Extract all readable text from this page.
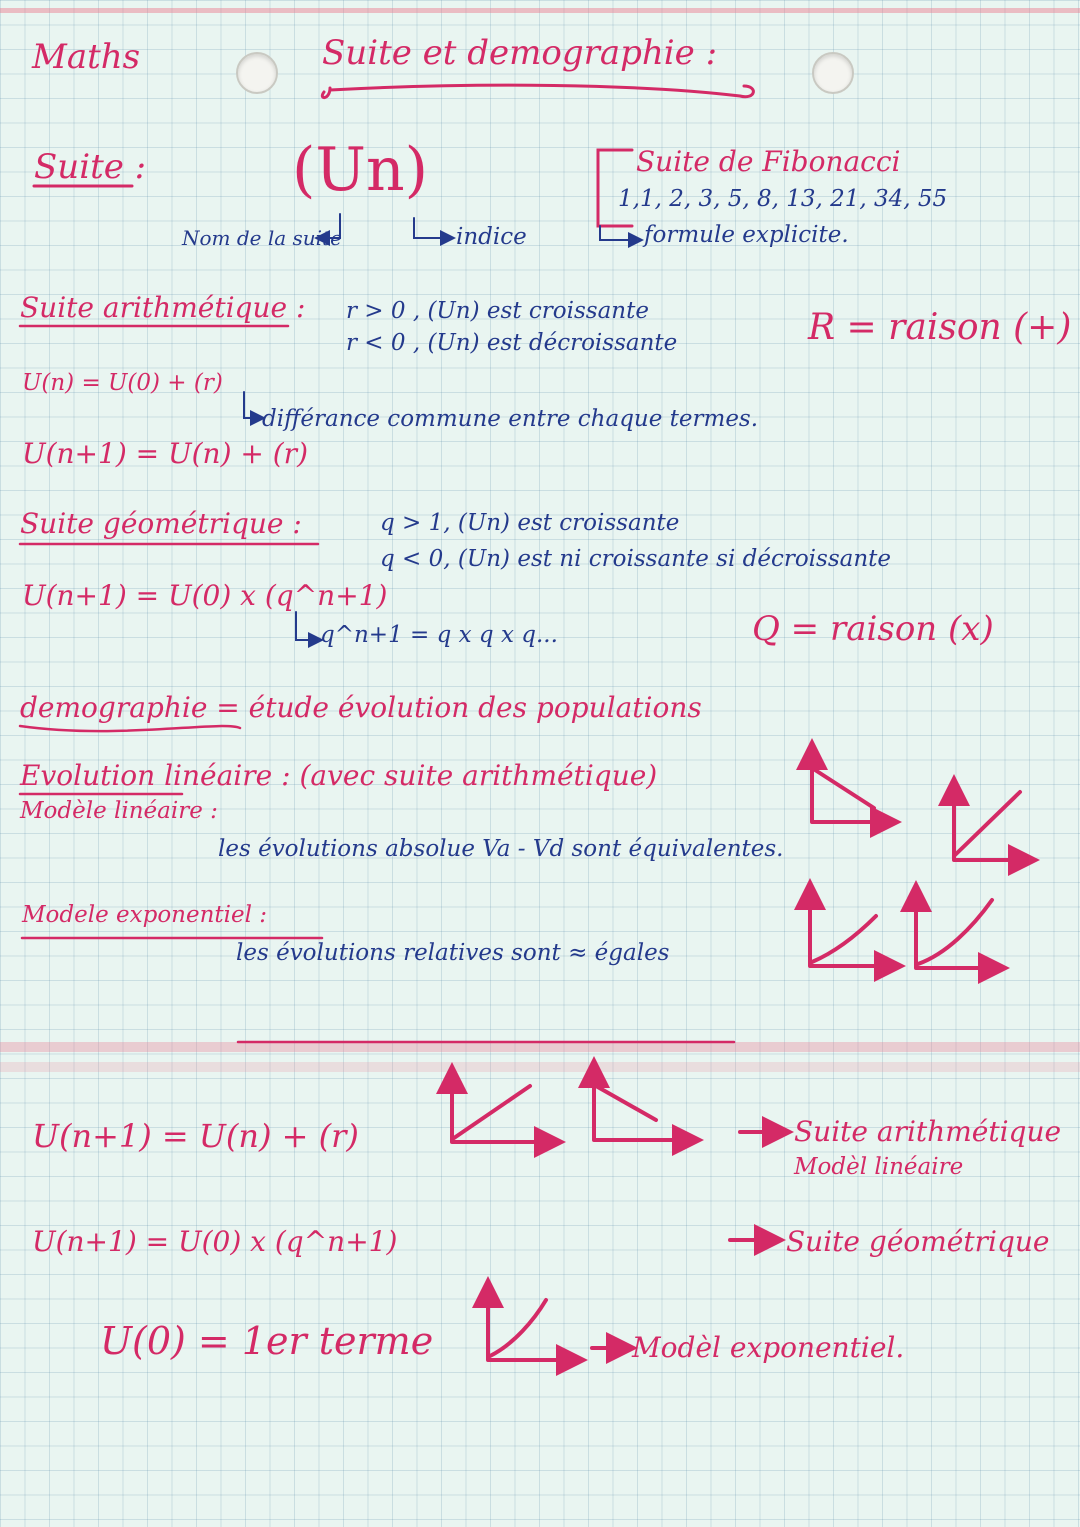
Maths	Suite et demographie :
Suite : (Un)
Nom de la suite	indice
Suite de Fibonacci
1,1, 2, 3, 5, 8, 13, 21, 34, 55
formule explicite.
Suite arithmétique : r > 0 , (Un) est croissante
r < 0 , (Un) est décroissante	R = raison (+)
U(n) = U(0) + (r)
différance commune entre chaque termes.
U(n+1) = U(n) + (r)
Suite géométrique :	q > 1, (Un) est croissante
q < 0, (Un) est ni croissante si décroissante
U(n+1) = U(0) x (q^n+1)
q^n+1 = q x q x q...	Q = raison (x)
demographie = étude évolution des populations
Evolution linéaire : (avec suite arithmétique)
Modèle linéaire :
les évolutions absolue Va - Vd sont équivalentes.
Modele exponentiel :
les évolutions relatives sont ≈ égales
U(n+1) = U(n) + (r)	Suite arithmétique
Modèl linéaire
U(n+1) = U(0) x (q^n+1)	Suite géométrique
U(0) = 1er terme	Modèl exponentiel.
